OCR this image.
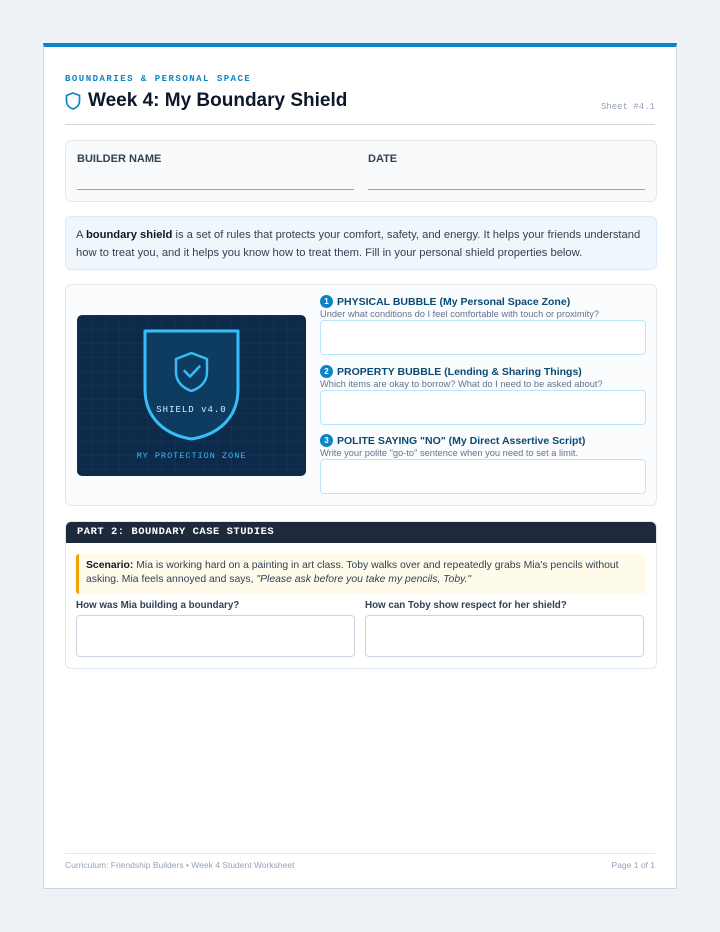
BOUNDARIES & PERSONAL SPACE
Week 4: My Boundary Shield	Sheet #4.1
BUILDER NAME	DATE
A boundary shield is a set of rules that protects your comfort, safety, and energy. It helps your friends understand how to treat you, and it helps you know how to treat them. Fill in your personal shield properties below.
SHIELD v4.0
MY PROTECTION ZONE
1 PHYSICAL BUBBLE (My Personal Space Zone)
Under what conditions do I feel comfortable with touch or proximity?
2 PROPERTY BUBBLE (Lending & Sharing Things)
Which items are okay to borrow? What do I need to be asked about?
3 POLITE SAYING "NO" (My Direct Assertive Script)
Write your polite "go-to" sentence when you need to set a limit.
PART 2: BOUNDARY CASE STUDIES
Scenario: Mia is working hard on a painting in art class. Toby walks over and repeatedly grabs Mia's pencils without asking. Mia feels annoyed and says, "Please ask before you take my pencils, Toby."
How was Mia building a boundary?	How can Toby show respect for her shield?
Curriculum: Friendship Builders • Week 4 Student Worksheet	Page 1 of 1
